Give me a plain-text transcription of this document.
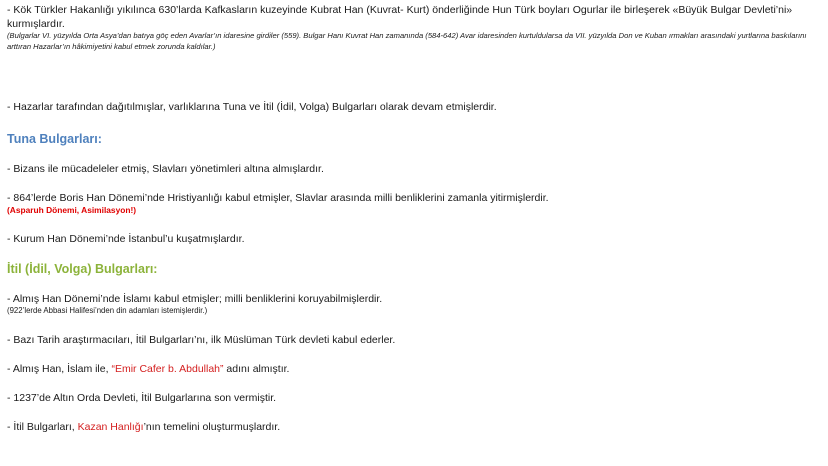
- Kök Türkler Hakanlığı yıkılınca 630’larda Kafkasların kuzeyinde Kubrat Han (Kuvrat- Kurt) önderliğinde Hun Türk boyları Ogurlar ile birleşerek «Büyük Bulgar Devleti’ni» kurmışlardır.

(Bulgarlar VI. yüzyılda Orta Asya’dan batıya göç eden Avarlar’ın idaresine girdiler (559). Bulgar Hanı Kuvrat Han zamanında (584-642) Avar idaresinden kurtuldularsa da VII. yüzyılda Don ve Kuban ırmakları arasındaki yurtlarına baskılarını arttıran Hazarlar’ın hâkimiyetini kabul etmek zorunda kaldılar.)

- Hazarlar tarafından dağıtılmışlar, varlıklarına Tuna ve İtil (İdil, Volga) Bulgarları olarak devam etmişlerdir.

Tuna Bulgarları:

- Bizans ile mücadeleler etmiş, Slavları yönetimleri altına almışlardır.

- 864’lerde Boris Han Dönemi’nde Hristiyanlığı kabul etmişler, Slavlar arasında milli benliklerini zamanla yitirmişlerdir.

(Asparuh Dönemi, Asimilasyon!)

- Kurum Han Dönemi’nde İstanbul’u kuşatmışlardır.

İtil (İdil, Volga) Bulgarları:

- Almış Han Dönemi’nde İslamı kabul etmişler; milli benliklerini koruyabilmişlerdir.

(922’lerde Abbasi Halifesi’nden din adamları istemişlerdir.)

- Bazı Tarih araştırmacıları, İtil Bulgarları’nı, ilk Müslüman Türk devleti kabul ederler.

- Almış Han, İslam ile, “Emir Cafer b. Abdullah” adını almıştır.

- 1237’de Altın Orda Devleti, İtil Bulgarlarına son vermiştir.

- İtil Bulgarları, Kazan Hanlığı’nın temelini oluşturmuşlardır.
